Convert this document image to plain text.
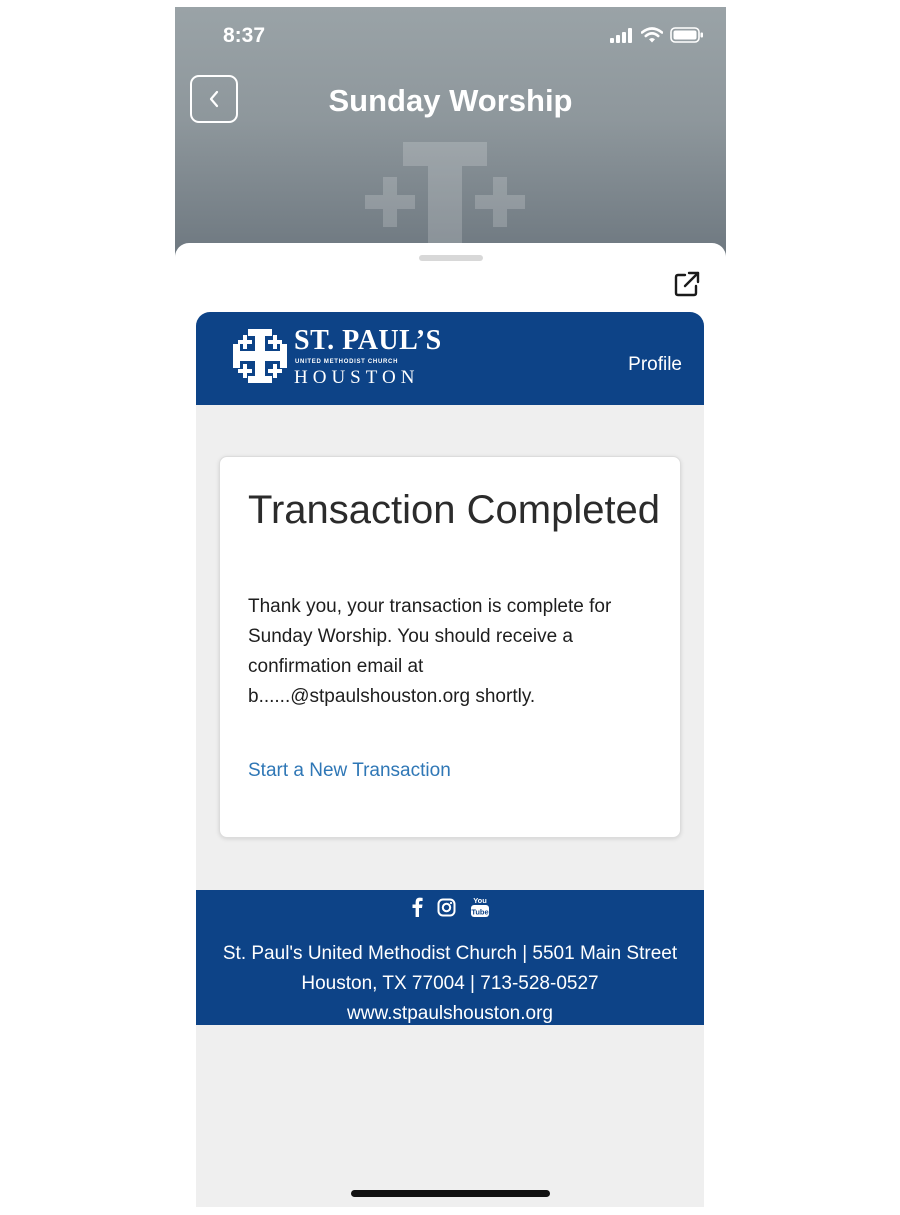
8:37
Sunday Worship
ST. PAUL’S
UNITED METHODIST CHURCH
HOUSTON
Profile
Transaction Completed
Thank you, your transaction is complete for Sunday Worship. You should receive a confirmation email at b......@stpaulshouston.org shortly.
Start a New Transaction
You
Tube
St. Paul's United Methodist Church | 5501 Main Street
Houston, TX 77004 | 713-528-0527
www.stpaulshouston.org
